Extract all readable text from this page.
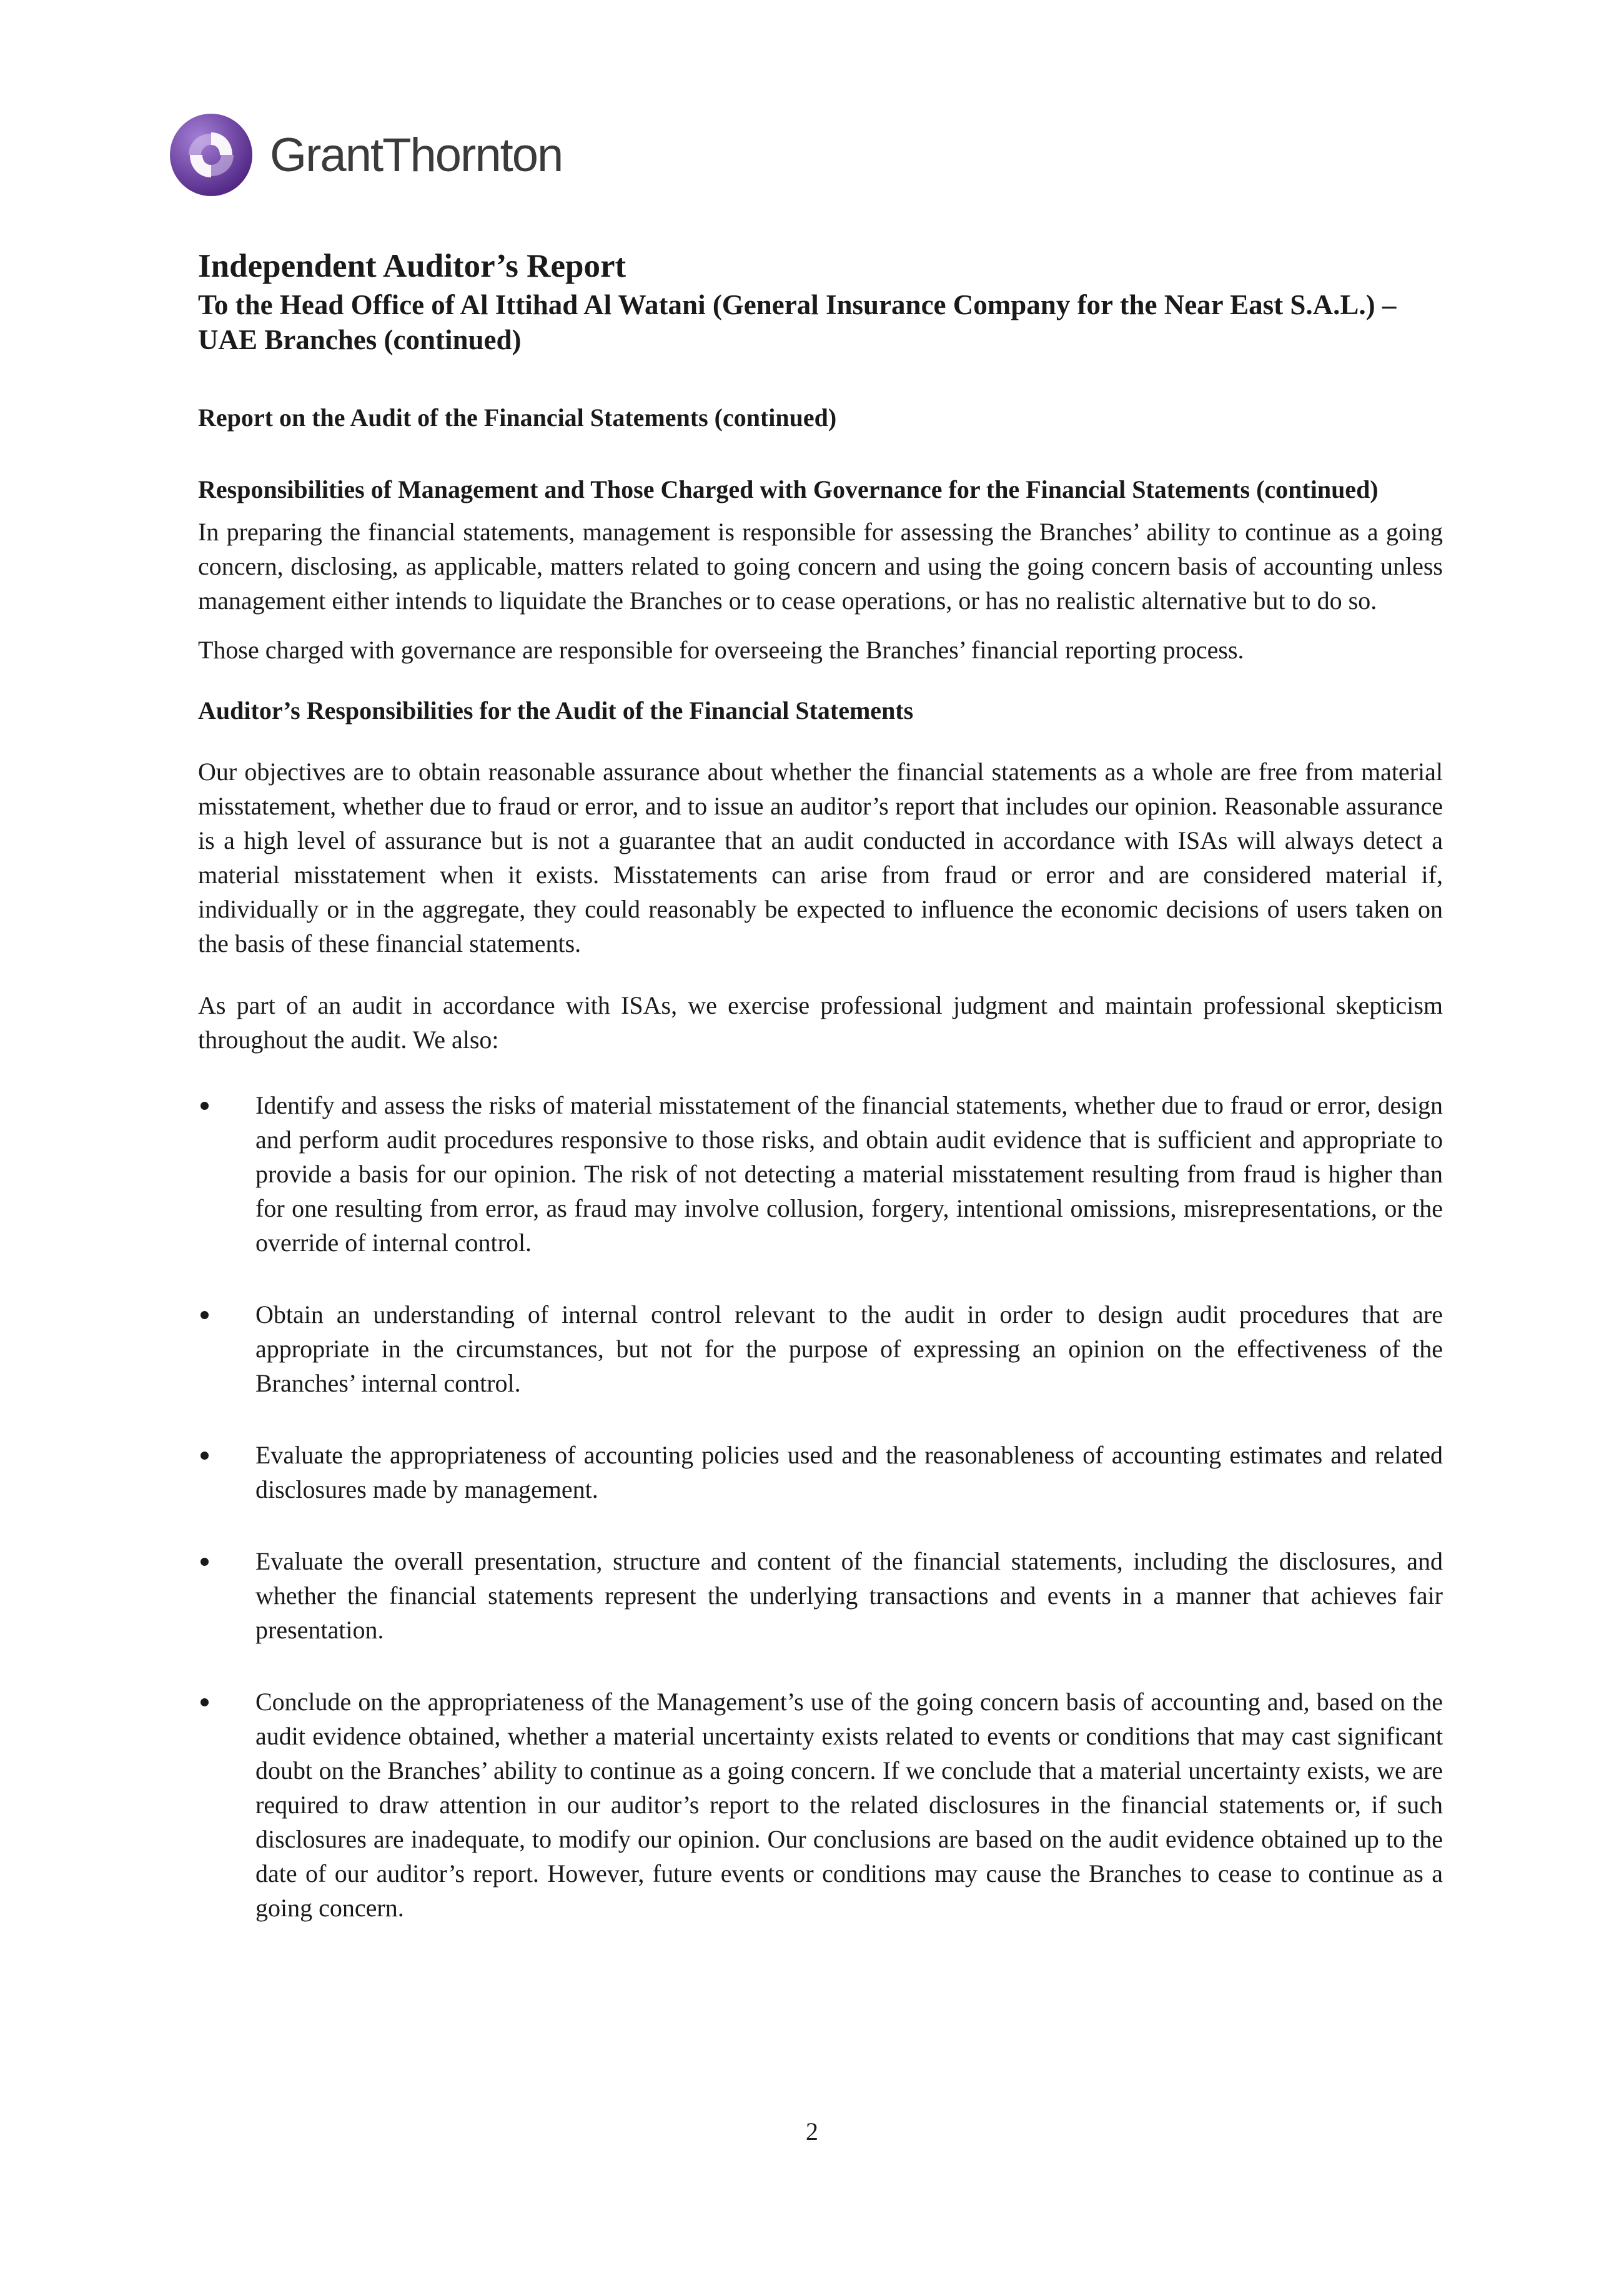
GrantThornton
Independent Auditor’s Report
To the Head Office of Al Ittihad Al Watani (General Insurance Company for the Near East S.A.L.) – UAE Branches (continued)
Report on the Audit of the Financial Statements (continued)
Responsibilities of Management and Those Charged with Governance for the Financial Statements (continued)

In preparing the financial statements, management is responsible for assessing the Branches’ ability to continue as a going concern, disclosing, as applicable, matters related to going concern and using the going concern basis of accounting unless management either intends to liquidate the Branches or to cease operations, or has no realistic alternative but to do so.

Those charged with governance are responsible for overseeing the Branches’ financial reporting process.

Auditor’s Responsibilities for the Audit of the Financial Statements

Our objectives are to obtain reasonable assurance about whether the financial statements as a whole are free from material misstatement, whether due to fraud or error, and to issue an auditor’s report that includes our opinion. Reasonable assurance is a high level of assurance but is not a guarantee that an audit conducted in accordance with ISAs will always detect a material misstatement when it exists. Misstatements can arise from fraud or error and are considered material if, individually or in the aggregate, they could reasonably be expected to influence the economic decisions of users taken on the basis of these financial statements.

As part of an audit in accordance with ISAs, we exercise professional judgment and maintain professional skepticism throughout the audit. We also:

Identify and assess the risks of material misstatement of the financial statements, whether due to fraud or error, design and perform audit procedures responsive to those risks, and obtain audit evidence that is sufficient and appropriate to provide a basis for our opinion. The risk of not detecting a material misstatement resulting from fraud is higher than for one resulting from error, as fraud may involve collusion, forgery, intentional omissions, misrepresentations, or the override of internal control.
Obtain an understanding of internal control relevant to the audit in order to design audit procedures that are appropriate in the circumstances, but not for the purpose of expressing an opinion on the effectiveness of the Branches’ internal control.
Evaluate the appropriateness of accounting policies used and the reasonableness of accounting estimates and related disclosures made by management.
Evaluate the overall presentation, structure and content of the financial statements, including the disclosures, and whether the financial statements represent the underlying transactions and events in a manner that achieves fair presentation.
Conclude on the appropriateness of the Management’s use of the going concern basis of accounting and, based on the audit evidence obtained, whether a material uncertainty exists related to events or conditions that may cast significant doubt on the Branches’ ability to continue as a going concern. If we conclude that a material uncertainty exists, we are required to draw attention in our auditor’s report to the related disclosures in the financial statements or, if such disclosures are inadequate, to modify our opinion. Our conclusions are based on the audit evidence obtained up to the date of our auditor’s report. However, future events or conditions may cause the Branches to cease to continue as a going concern.
2
